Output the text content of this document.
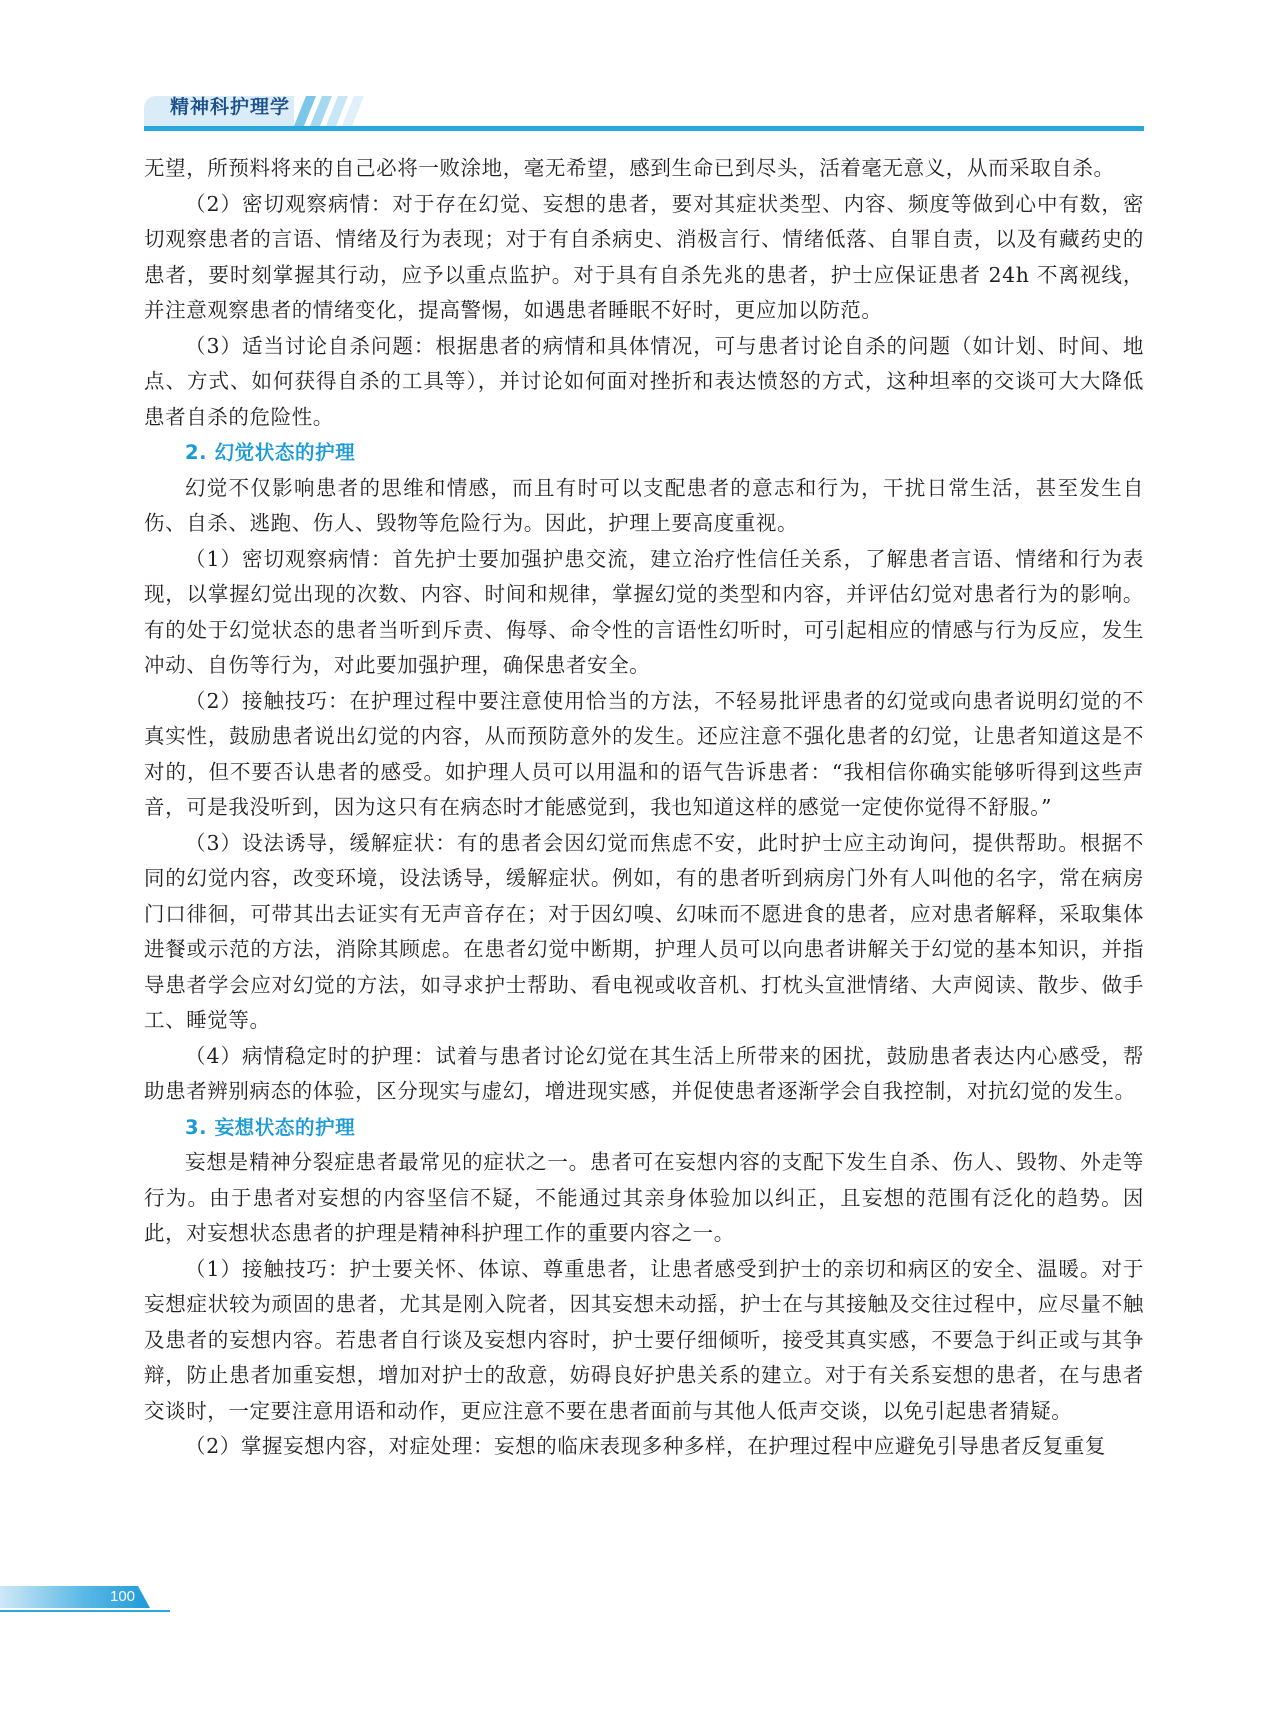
精神科护理学

无望，所预料将来的自己必将一败涂地，毫无希望，感到生命已到尽头，活着毫无意义，从而采取自杀。

（2）密切观察病情：对于存在幻觉、妄想的患者，要对其症状类型、内容、频度等做到心中有数，密切观察患者的言语、情绪及行为表现；对于有自杀病史、消极言行、情绪低落、自罪自责，以及有藏药史的患者，要时刻掌握其行动，应予以重点监护。对于具有自杀先兆的患者，护士应保证患者 24h 不离视线，并注意观察患者的情绪变化，提高警惕，如遇患者睡眠不好时，更应加以防范。

（3）适当讨论自杀问题：根据患者的病情和具体情况，可与患者讨论自杀的问题（如计划、时间、地点、方式、如何获得自杀的工具等），并讨论如何面对挫折和表达愤怒的方式，这种坦率的交谈可大大降低患者自杀的危险性。

2. 幻觉状态的护理

幻觉不仅影响患者的思维和情感，而且有时可以支配患者的意志和行为，干扰日常生活，甚至发生自伤、自杀、逃跑、伤人、毁物等危险行为。因此，护理上要高度重视。

（1）密切观察病情：首先护士要加强护患交流，建立治疗性信任关系，了解患者言语、情绪和行为表现，以掌握幻觉出现的次数、内容、时间和规律，掌握幻觉的类型和内容，并评估幻觉对患者行为的影响。有的处于幻觉状态的患者当听到斥责、侮辱、命令性的言语性幻听时，可引起相应的情感与行为反应，发生冲动、自伤等行为，对此要加强护理，确保患者安全。

（2）接触技巧：在护理过程中要注意使用恰当的方法，不轻易批评患者的幻觉或向患者说明幻觉的不真实性，鼓励患者说出幻觉的内容，从而预防意外的发生。还应注意不强化患者的幻觉，让患者知道这是不对的，但不要否认患者的感受。如护理人员可以用温和的语气告诉患者：“我相信你确实能够听得到这些声音，可是我没听到，因为这只有在病态时才能感觉到，我也知道这样的感觉一定使你觉得不舒服。”

（3）设法诱导，缓解症状：有的患者会因幻觉而焦虑不安，此时护士应主动询问，提供帮助。根据不同的幻觉内容，改变环境，设法诱导，缓解症状。例如，有的患者听到病房门外有人叫他的名字，常在病房门口徘徊，可带其出去证实有无声音存在；对于因幻嗅、幻味而不愿进食的患者，应对患者解释，采取集体进餐或示范的方法，消除其顾虑。在患者幻觉中断期，护理人员可以向患者讲解关于幻觉的基本知识，并指导患者学会应对幻觉的方法，如寻求护士帮助、看电视或收音机、打枕头宣泄情绪、大声阅读、散步、做手工、睡觉等。

（4）病情稳定时的护理：试着与患者讨论幻觉在其生活上所带来的困扰，鼓励患者表达内心感受，帮助患者辨别病态的体验，区分现实与虚幻，增进现实感，并促使患者逐渐学会自我控制，对抗幻觉的发生。

3. 妄想状态的护理

妄想是精神分裂症患者最常见的症状之一。患者可在妄想内容的支配下发生自杀、伤人、毁物、外走等行为。由于患者对妄想的内容坚信不疑，不能通过其亲身体验加以纠正，且妄想的范围有泛化的趋势。因此，对妄想状态患者的护理是精神科护理工作的重要内容之一。

（1）接触技巧：护士要关怀、体谅、尊重患者，让患者感受到护士的亲切和病区的安全、温暖。对于妄想症状较为顽固的患者，尤其是刚入院者，因其妄想未动摇，护士在与其接触及交往过程中，应尽量不触及患者的妄想内容。若患者自行谈及妄想内容时，护士要仔细倾听，接受其真实感，不要急于纠正或与其争辩，防止患者加重妄想，增加对护士的敌意，妨碍良好护患关系的建立。对于有关系妄想的患者，在与患者交谈时，一定要注意用语和动作，更应注意不要在患者面前与其他人低声交谈，以免引起患者猜疑。

（2）掌握妄想内容，对症处理：妄想的临床表现多种多样，在护理过程中应避免引导患者反复重复

100
